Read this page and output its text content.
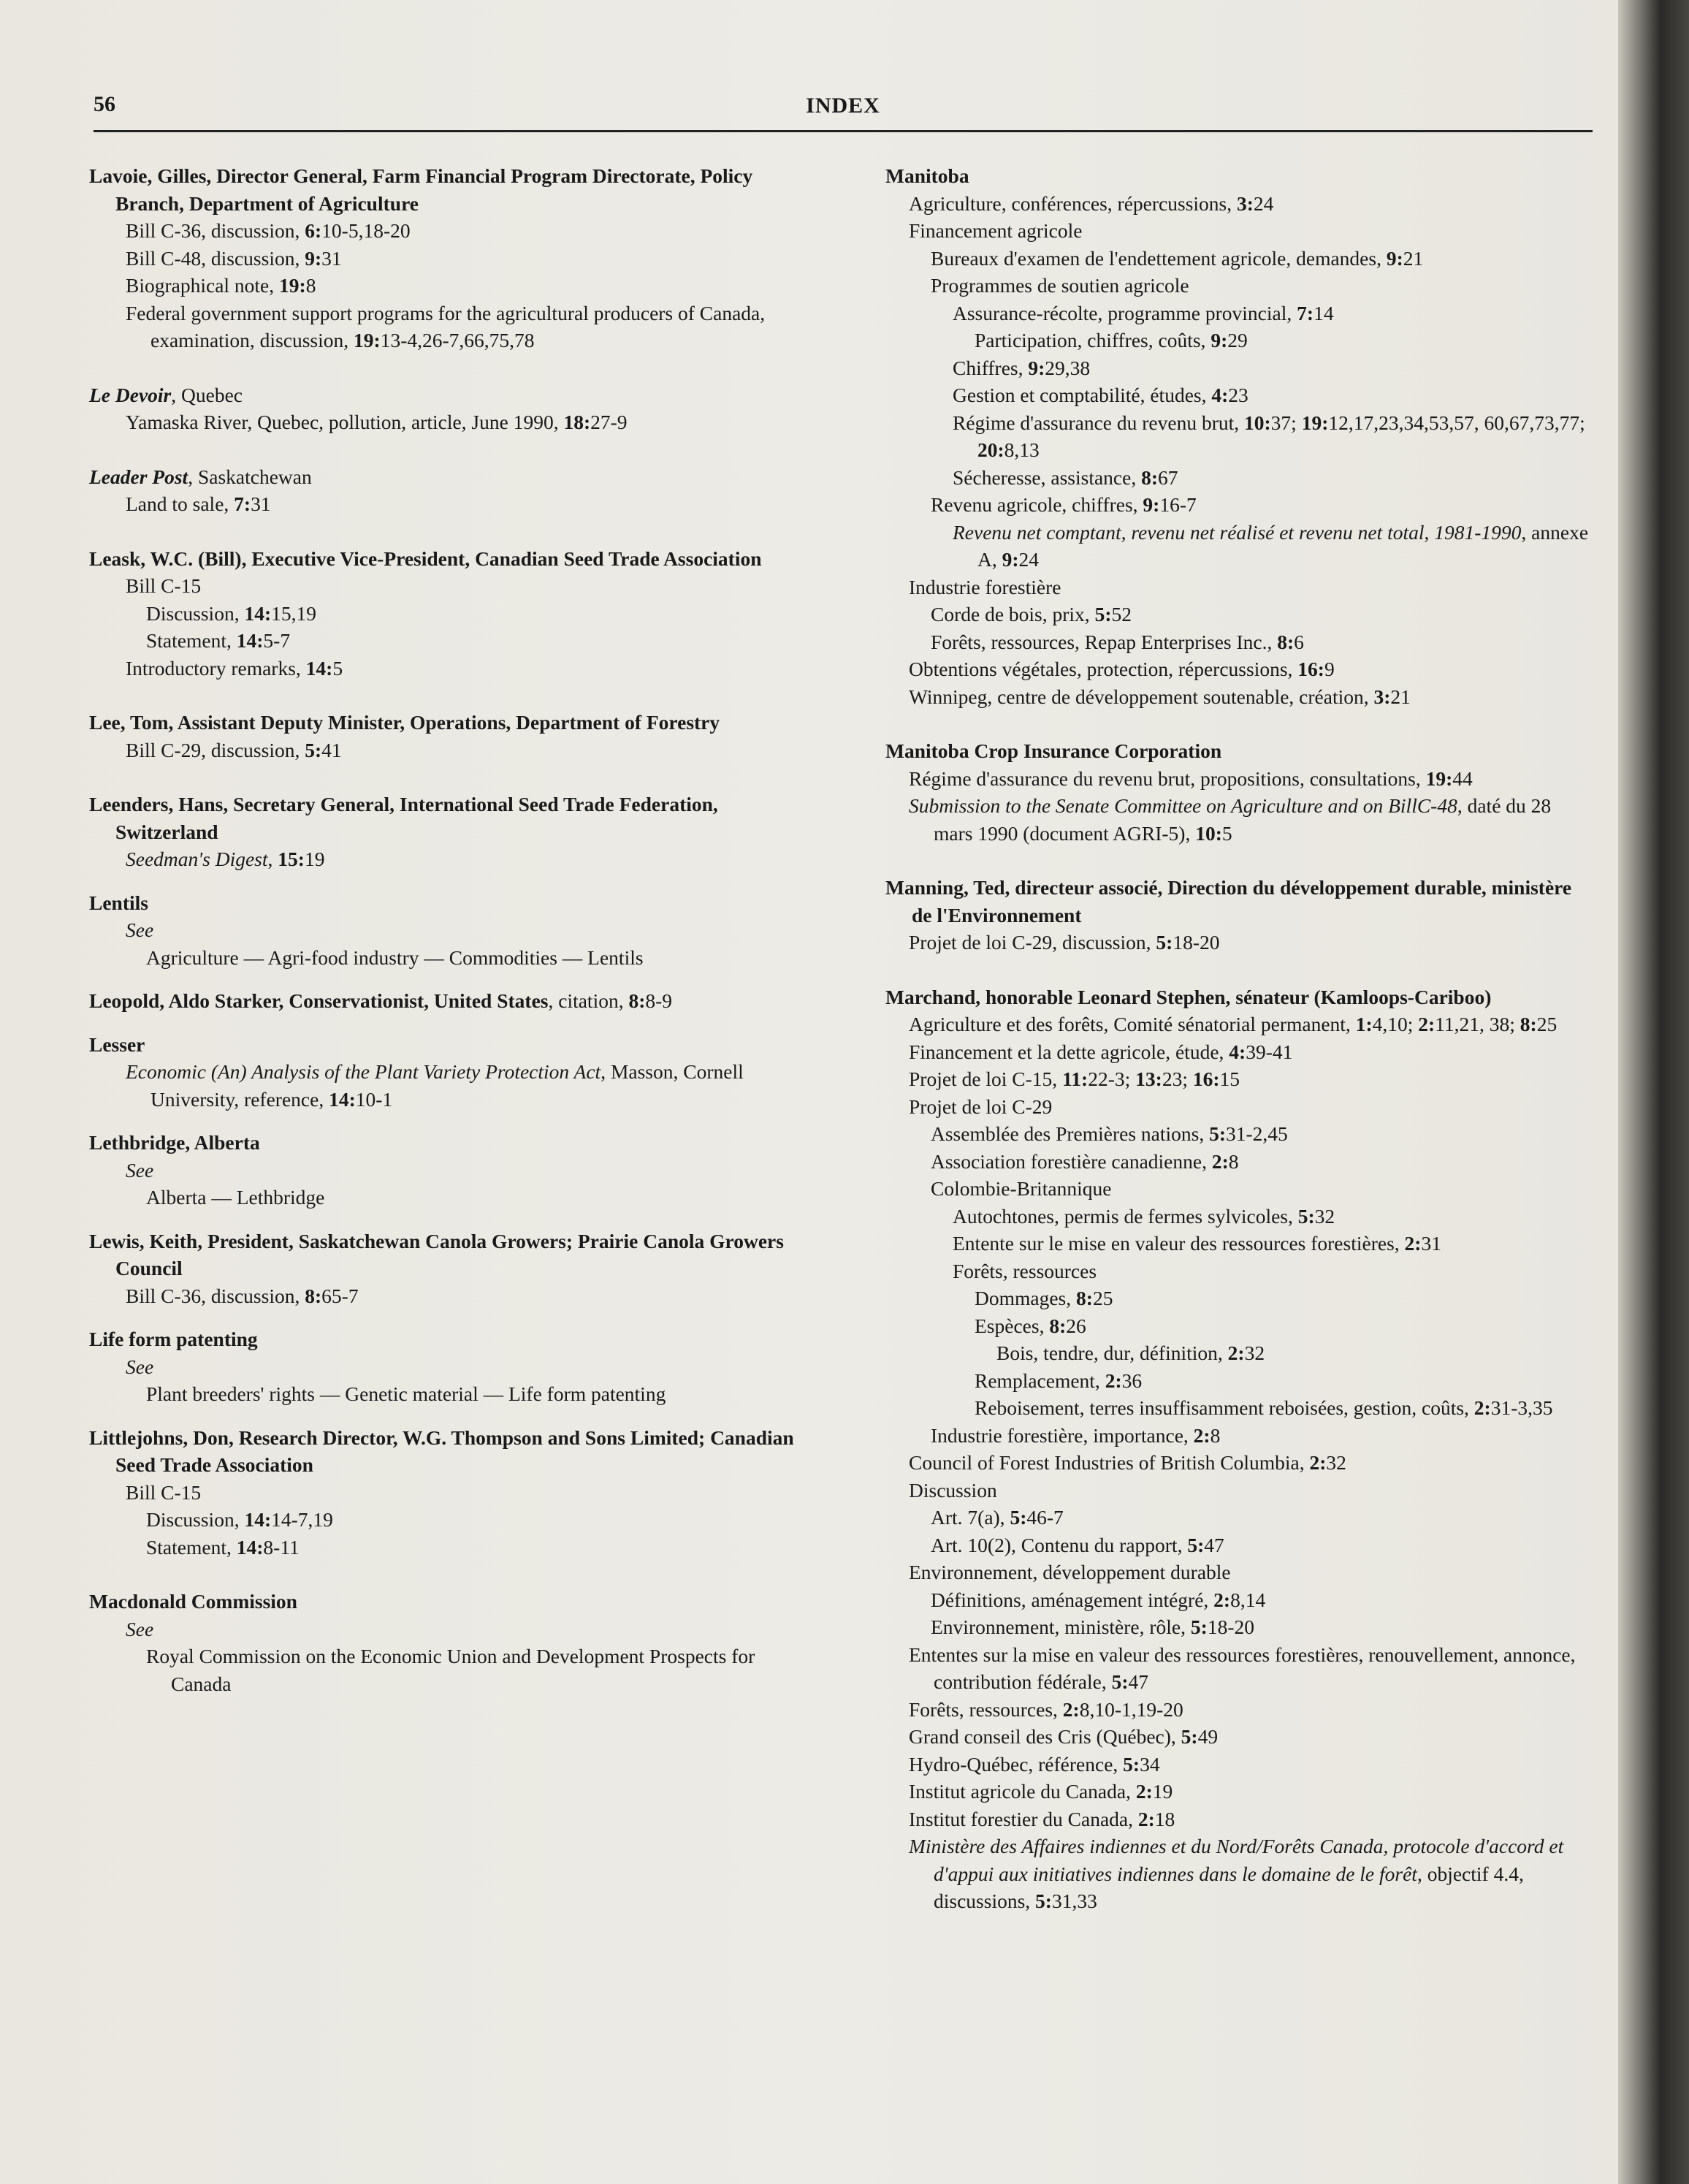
56	INDEX
Lavoie, Gilles, Director General, Farm Financial Program Directorate, Policy Branch, Department of Agriculture
Bill C-36, discussion, 6:10-5,18-20
Bill C-48, discussion, 9:31
Biographical note, 19:8
Federal government support programs for the agricultural producers of Canada, examination, discussion, 19:13-4,26-7,66,75,78
Le Devoir, Quebec
Yamaska River, Quebec, pollution, article, June 1990, 18:27-9
Leader Post, Saskatchewan
Land to sale, 7:31
Leask, W.C. (Bill), Executive Vice-President, Canadian Seed Trade Association
Bill C-15
Discussion, 14:15,19
Statement, 14:5-7
Introductory remarks, 14:5
Lee, Tom, Assistant Deputy Minister, Operations, Department of Forestry
Bill C-29, discussion, 5:41
Leenders, Hans, Secretary General, International Seed Trade Federation, Switzerland
Seedman's Digest, 15:19
Lentils
See
Agriculture — Agri-food industry — Commodities — Lentils
Leopold, Aldo Starker, Conservationist, United States, citation, 8:8-9
Lesser
Economic (An) Analysis of the Plant Variety Protection Act, Masson, Cornell University, reference, 14:10-1
Lethbridge, Alberta
See
Alberta — Lethbridge
Lewis, Keith, President, Saskatchewan Canola Growers; Prairie Canola Growers Council
Bill C-36, discussion, 8:65-7
Life form patenting
See
Plant breeders' rights — Genetic material — Life form patenting
Littlejohns, Don, Research Director, W.G. Thompson and Sons Limited; Canadian Seed Trade Association
Bill C-15
Discussion, 14:14-7,19
Statement, 14:8-11
Macdonald Commission
See
Royal Commission on the Economic Union and Development Prospects for Canada
Manitoba
Agriculture, conférences, répercussions, 3:24
Financement agricole
Bureaux d'examen de l'endettement agricole, demandes, 9:21
Programmes de soutien agricole
Assurance-récolte, programme provincial, 7:14
Participation, chiffres, coûts, 9:29
Chiffres, 9:29,38
Gestion et comptabilité, études, 4:23
Régime d'assurance du revenu brut, 10:37; 19:12,17,23,34,53,57, 60,67,73,77; 20:8,13
Sécheresse, assistance, 8:67
Revenu agricole, chiffres, 9:16-7
Revenu net comptant, revenu net réalisé et revenu net total, 1981-1990, annexe A, 9:24
Industrie forestière
Corde de bois, prix, 5:52
Forêts, ressources, Repap Enterprises Inc., 8:6
Obtentions végétales, protection, répercussions, 16:9
Winnipeg, centre de développement soutenable, création, 3:21
Manitoba Crop Insurance Corporation
Régime d'assurance du revenu brut, propositions, consultations, 19:44
Submission to the Senate Committee on Agriculture and on BillC-48, daté du 28 mars 1990 (document AGRI-5), 10:5
Manning, Ted, directeur associé, Direction du développement durable, ministère de l'Environnement
Projet de loi C-29, discussion, 5:18-20
Marchand, honorable Leonard Stephen, sénateur (Kamloops-Cariboo)
Agriculture et des forêts, Comité sénatorial permanent, 1:4,10; 2:11,21, 38; 8:25
Financement et la dette agricole, étude, 4:39-41
Projet de loi C-15, 11:22-3; 13:23; 16:15
Projet de loi C-29
Assemblée des Premières nations, 5:31-2,45
Association forestière canadienne, 2:8
Colombie-Britannique
Autochtones, permis de fermes sylvicoles, 5:32
Entente sur le mise en valeur des ressources forestières, 2:31
Forêts, ressources
Dommages, 8:25
Espèces, 8:26
Bois, tendre, dur, définition, 2:32
Remplacement, 2:36
Reboisement, terres insuffisamment reboisées, gestion, coûts, 2:31-3,35
Industrie forestière, importance, 2:8
Council of Forest Industries of British Columbia, 2:32
Discussion
Art. 7(a), 5:46-7
Art. 10(2), Contenu du rapport, 5:47
Environnement, développement durable
Définitions, aménagement intégré, 2:8,14
Environnement, ministère, rôle, 5:18-20
Ententes sur la mise en valeur des ressources forestières, renouvellement, annonce, contribution fédérale, 5:47
Forêts, ressources, 2:8,10-1,19-20
Grand conseil des Cris (Québec), 5:49
Hydro-Québec, référence, 5:34
Institut agricole du Canada, 2:19
Institut forestier du Canada, 2:18
Ministère des Affaires indiennes et du Nord/Forêts Canada, protocole d'accord et d'appui aux initiatives indiennes dans le domaine de le forêt, objectif 4.4, discussions, 5:31,33
